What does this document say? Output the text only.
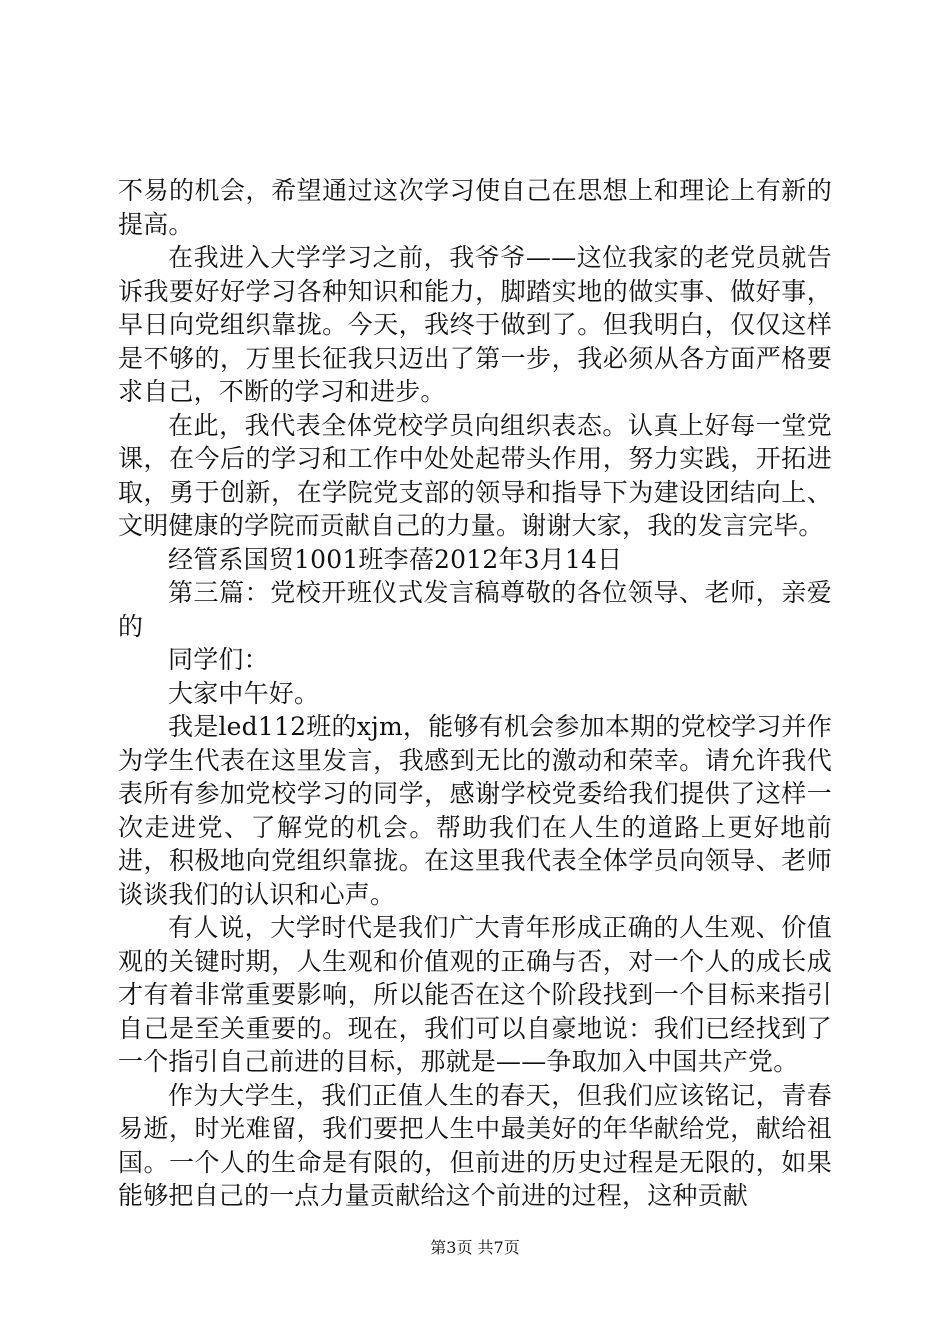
不易的机会，希望通过这次学习使自己在思想上和理论上有新的提高。

在我进入大学学习之前，我爷爷——这位我家的老党员就告诉我要好好学习各种知识和能力，脚踏实地的做实事、做好事，早日向党组织靠拢。今天，我终于做到了。但我明白，仅仅这样是不够的，万里长征我只迈出了第一步，我必须从各方面严格要求自己，不断的学习和进步。

在此，我代表全体党校学员向组织表态。认真上好每一堂党课，在今后的学习和工作中处处起带头作用，努力实践，开拓进取，勇于创新，在学院党支部的领导和指导下为建设团结向上、文明健康的学院而贡献自己的力量。谢谢大家，我的发言完毕。

经管系国贸1001班李蓓2012年3月14日

第三篇：党校开班仪式发言稿尊敬的各位领导、老师，亲爱的

同学们：

大家中午好。

我是led112班的xjm，能够有机会参加本期的党校学习并作为学生代表在这里发言，我感到无比的激动和荣幸。请允许我代表所有参加党校学习的同学，感谢学校党委给我们提供了这样一次走进党、了解党的机会。帮助我们在人生的道路上更好地前进，积极地向党组织靠拢。在这里我代表全体学员向领导、老师谈谈我们的认识和心声。

有人说，大学时代是我们广大青年形成正确的人生观、价值观的关键时期，人生观和价值观的正确与否，对一个人的成长成才有着非常重要影响，所以能否在这个阶段找到一个目标来指引自己是至关重要的。现在，我们可以自豪地说：我们已经找到了一个指引自己前进的目标，那就是——争取加入中国共产党。

作为大学生，我们正值人生的春天，但我们应该铭记，青春易逝，时光难留，我们要把人生中最美好的年华献给党，献给祖国。一个人的生命是有限的，但前进的历史过程是无限的，如果能够把自己的一点力量贡献给这个前进的过程，这种贡献

第3页 共7页
